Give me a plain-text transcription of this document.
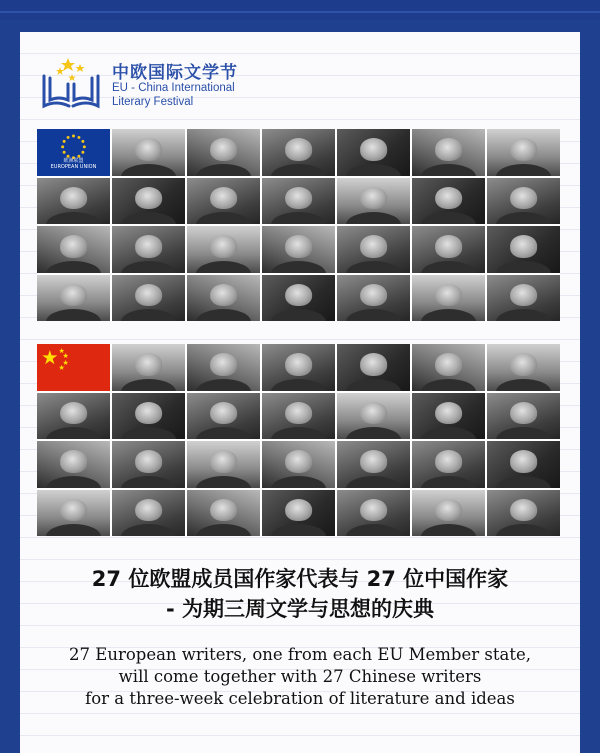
中欧国际文学节
EU - China International
Literary Festival
欧洲联盟
EUROPEAN UNION
27 位欧盟成员国作家代表与 27 位中国作家
- 为期三周文学与思想的庆典
27 European writers, one from each EU Member state,
will come together with 27 Chinese writers
for a three-week celebration of literature and ideas
